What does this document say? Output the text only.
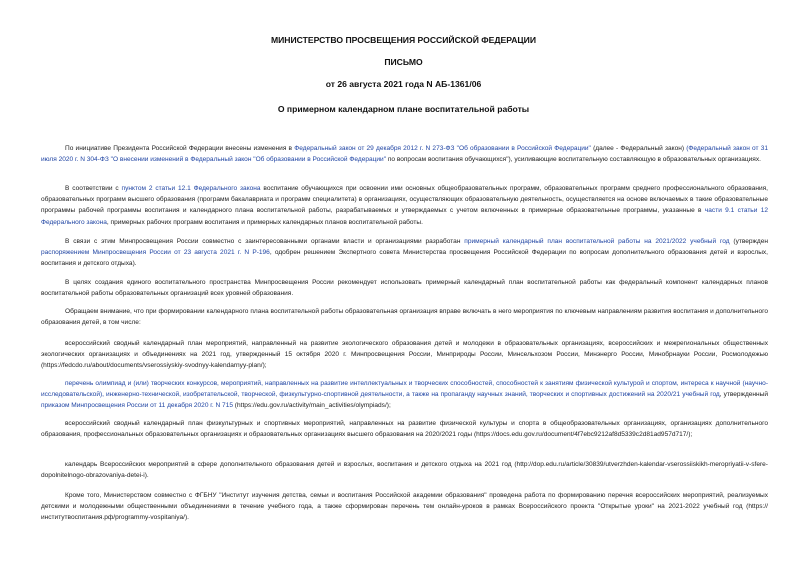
МИНИСТЕРСТВО ПРОСВЕЩЕНИЯ РОССИЙСКОЙ ФЕДЕРАЦИИ
ПИСЬМО
от 26 августа 2021 года N АБ-1361/06
О примерном календарном плане воспитательной работы
По инициативе Президента Российской Федерации внесены изменения в Федеральный закон от 29 декабря 2012 г. N 273-ФЗ "Об образовании в Российской Федерации" (далее - Федеральный закон) (Федеральный закон от 31 июля 2020 г. N 304-ФЗ "О внесении изменений в Федеральный закон "Об образовании в Российской Федерации" по вопросам воспитания обучающихся"), усиливающие воспитательную составляющую в образовательных организациях.
В соответствии с пунктом 2 статьи 12.1 Федерального закона воспитание обучающихся при освоении ими основных общеобразовательных программ, образовательных программ среднего профессионального образования, образовательных программ высшего образования (программ бакалавриата и программ специалитета) в организациях, осуществляющих образовательную деятельность, осуществляется на основе включаемых в такие образовательные программы рабочей программы воспитания и календарного плана воспитательной работы, разрабатываемых и утверждаемых с учетом включенных в примерные образовательные программы, указанные в части 9.1 статьи 12 Федерального закона, примерных рабочих программ воспитания и примерных календарных планов воспитательной работы.
В связи с этим Минпросвещения России совместно с заинтересованными органами власти и организациями разработан примерный календарный план воспитательной работы на 2021/2022 учебный год (утвержден распоряжением Минпросвещения России от 23 августа 2021 г. N Р-196, одобрен решением Экспертного совета Министерства просвещения Российской Федерации по вопросам дополнительного образования детей и взрослых, воспитания и детского отдыха).
В целях создания единого воспитательного пространства Минпросвещения России рекомендует использовать примерный календарный план воспитательной работы как федеральный компонент календарных планов воспитательной работы образовательных организаций всех уровней образования.
Обращаем внимание, что при формировании календарного плана воспитательной работы образовательная организация вправе включать в него мероприятия по ключевым направлениям развития воспитания и дополнительного образования детей, в том числе:
всероссийский сводный календарный план мероприятий, направленный на развитие экологического образования детей и молодежи в образовательных организациях, всероссийских и межрегиональных общественных экологических организациях и объединениях на 2021 год, утвержденный 15 октября 2020 г. Минпросвещения России, Минприроды России, Минсельхозом России, Минэнерго России, Минобрнауки России, Росмолодежью (https://fedcdo.ru/about/documents/vserossiyskiy-svodnyy-kalendarnyy-plan/);
перечень олимпиад и (или) творческих конкурсов, мероприятий, направленных на развитие интеллектуальных и творческих способностей, способностей к занятиям физической культурой и спортом, интереса к научной (научно-исследовательской), инженерно-технической, изобретательской, творческой, физкультурно-спортивной деятельности, а также на пропаганду научных знаний, творческих и спортивных достижений на 2020/21 учебный год, утвержденный приказом Минпросвещения России от 11 декабря 2020 г. N 715 (https://edu.gov.ru/activity/main_activities/olympiads/);
всероссийский сводный календарный план физкультурных и спортивных мероприятий, направленных на развитие физической культуры и спорта в общеобразовательных организациях, организациях дополнительного образования, профессиональных образовательных организациях и образовательных организациях высшего образования на 2020/2021 годы (https://docs.edu.gov.ru/document/4f7ebc9212af8d5339c2d81ad957d717/);
календарь Всероссийских мероприятий в сфере дополнительного образования детей и взрослых, воспитания и детского отдыха на 2021 год (http://dop.edu.ru/article/30839/utverzhden-kalendar-vserossiiskikh-meropriyatii-v-sfere-dopolnitelnogo-obrazovaniya-detei-i).
Кроме того, Министерством совместно с ФГБНУ "Институт изучения детства, семьи и воспитания Российской академии образования" проведена работа по формированию перечня всероссийских мероприятий, реализуемых детскими и молодежными общественными объединениями в течение учебного года, а также сформирован перечень тем онлайн-уроков в рамках Всероссийского проекта "Открытые уроки" на 2021-2022 учебный год (https://институтвоспитания.рф/programmy-vospitaniya/).
